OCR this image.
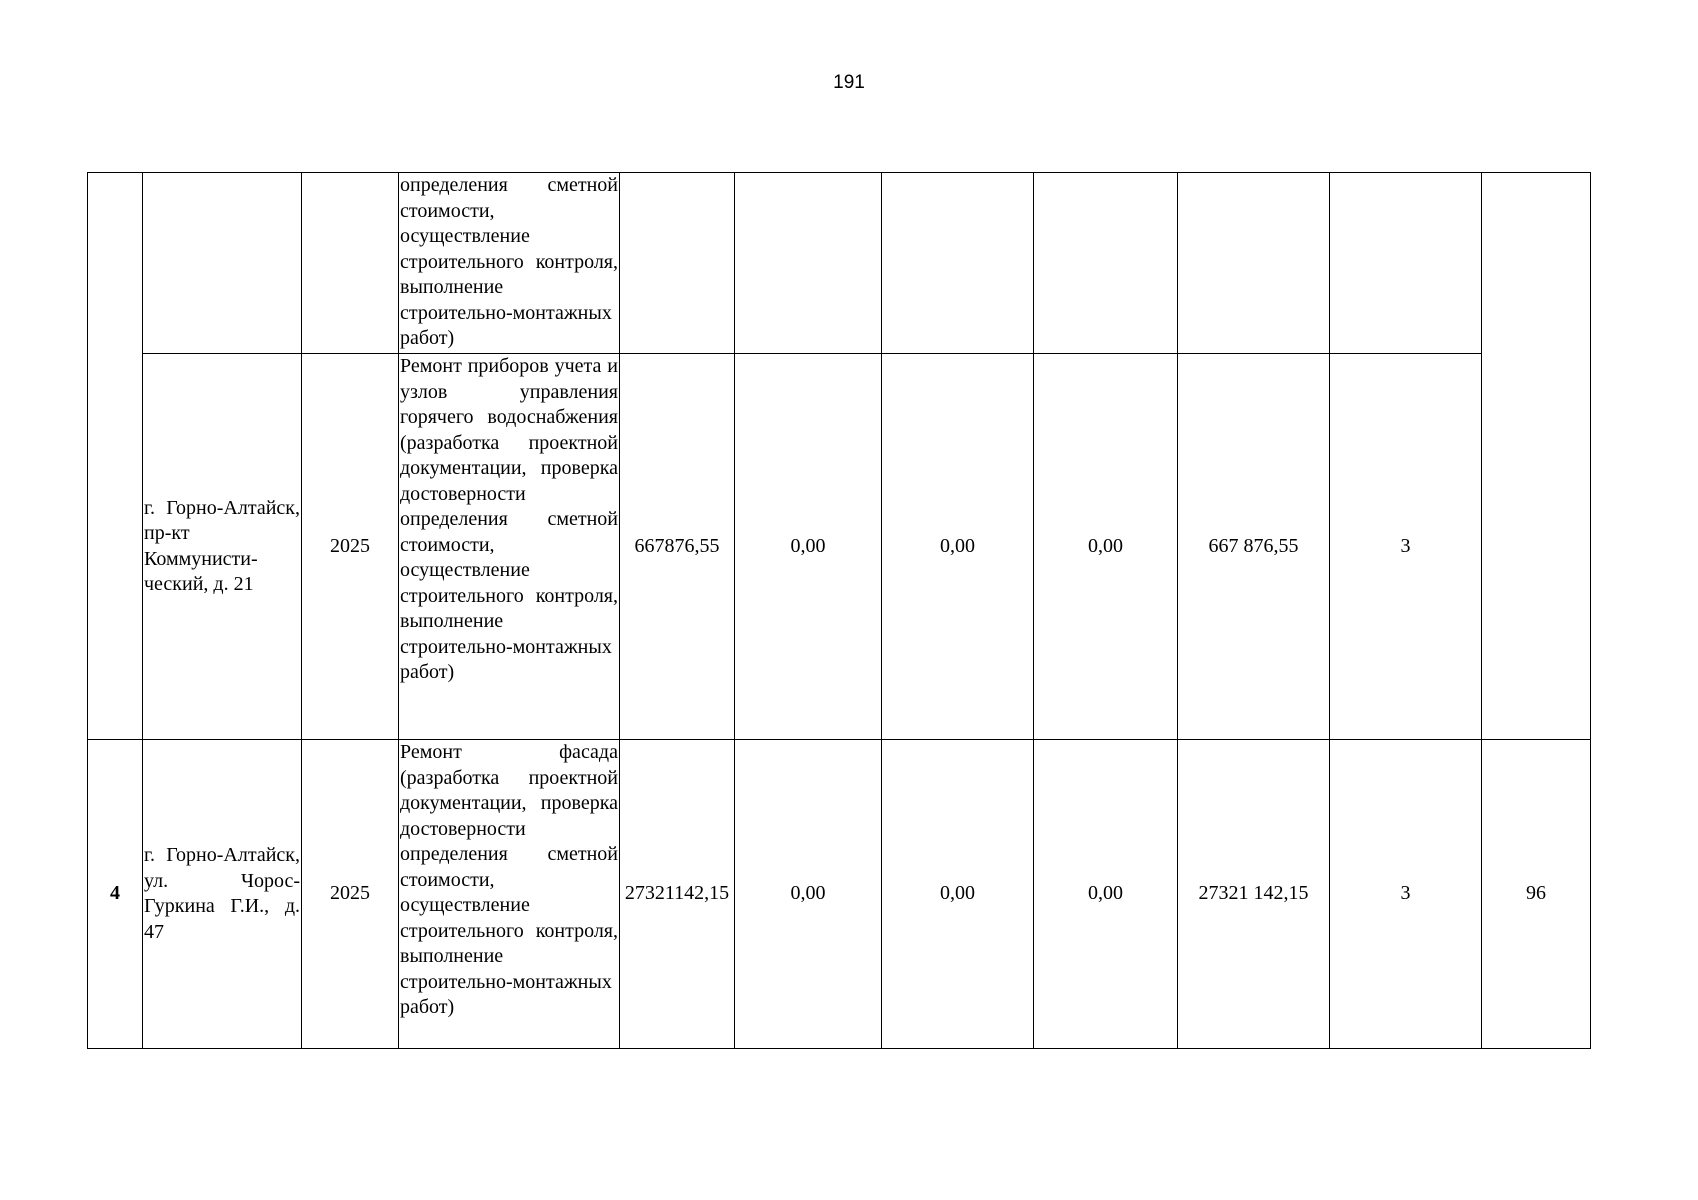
191
			определения сметной стоимости, осуществление строительного контроля, выполнение строительно-монтажных работ)							
	г. Горно-Алтайск, пр-кт Коммунисти-ческий, д. 21	2025	Ремонт приборов учета и узлов управления горячего водоснабжения (разработка проектной документации, проверка достоверности определения сметной стоимости, осуществление строительного контроля, выполнение строительно-монтажных работ)	667876,55	0,00	0,00	0,00	667 876,55	3	
4	г. Горно-Алтайск, ул. Чорос-Гуркина Г.И., д. 47	2025	Ремонт фасада (разработка проектной документации, проверка достоверности определения сметной стоимости, осуществление строительного контроля, выполнение строительно-монтажных работ)	27321142,15	0,00	0,00	0,00	27321 142,15	3	96
